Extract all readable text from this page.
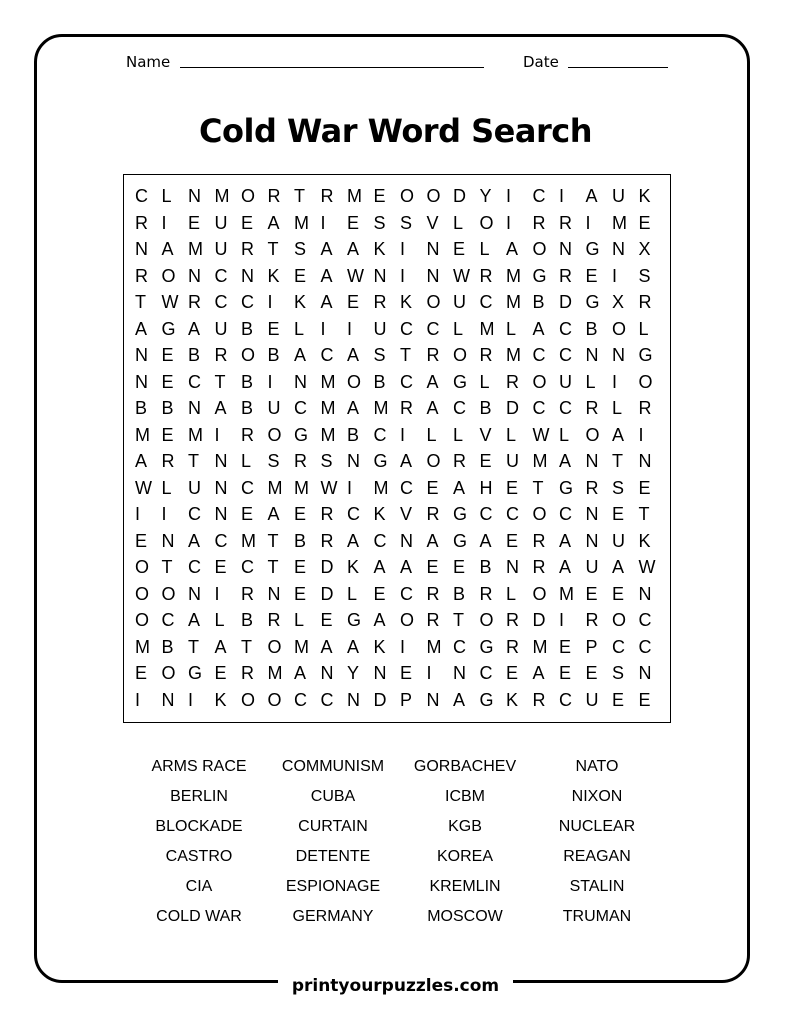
Name	Date
Cold War Word Search
C L N M O R T R M E O O D Y I	C I	A U K
R I	E U E A M I	E S S V L O I	R R I	M E
N A M U R T S A A K I	N E L A O N G N X
R O N C N K E A W N I	N W R M G R E I	S
T W R C C I	K A E R K O U C M B D G X R
A G A U B E L I	I	U C C L M L A C B O L
N E B R O B A C A S T R O R M C C N N G
N E C T B I	N M O B C A G L R O U L I	O
B B N A B U C M A M R A C B D C C R L R
M E M I	R O G M B C I	L L V L W L O A I
A R T N L S R S N G A O R E U M A N T N
W L U N C M M W I	M C E A H E T G R S E
I	I	C N E A E R C K V R G C C O C N E T
E N A C M T B R A C N A G A E R A N U K
O T C E C T E D K A A E E B N R A U A W
O O N I	R N E D L E C R B R L O M E E N
O C A L B R L E G A O R T O R D I	R O C
M B T A T O M A A K I	M C G R M E P C C
E O G E R M A N Y N E I	N C E A E E S N
I	N I	K O O C C N D P N A G K R C U E E
ARMS RACE	COMMUNISM	GORBACHEV	NATO
BERLIN	CUBA	ICBM	NIXON
BLOCKADE	CURTAIN	KGB	NUCLEAR
CASTRO	DETENTE	KOREA	REAGAN
CIA	ESPIONAGE	KREMLIN	STALIN
COLD WAR	GERMANY	MOSCOW	TRUMAN
printyourpuzzles.com
